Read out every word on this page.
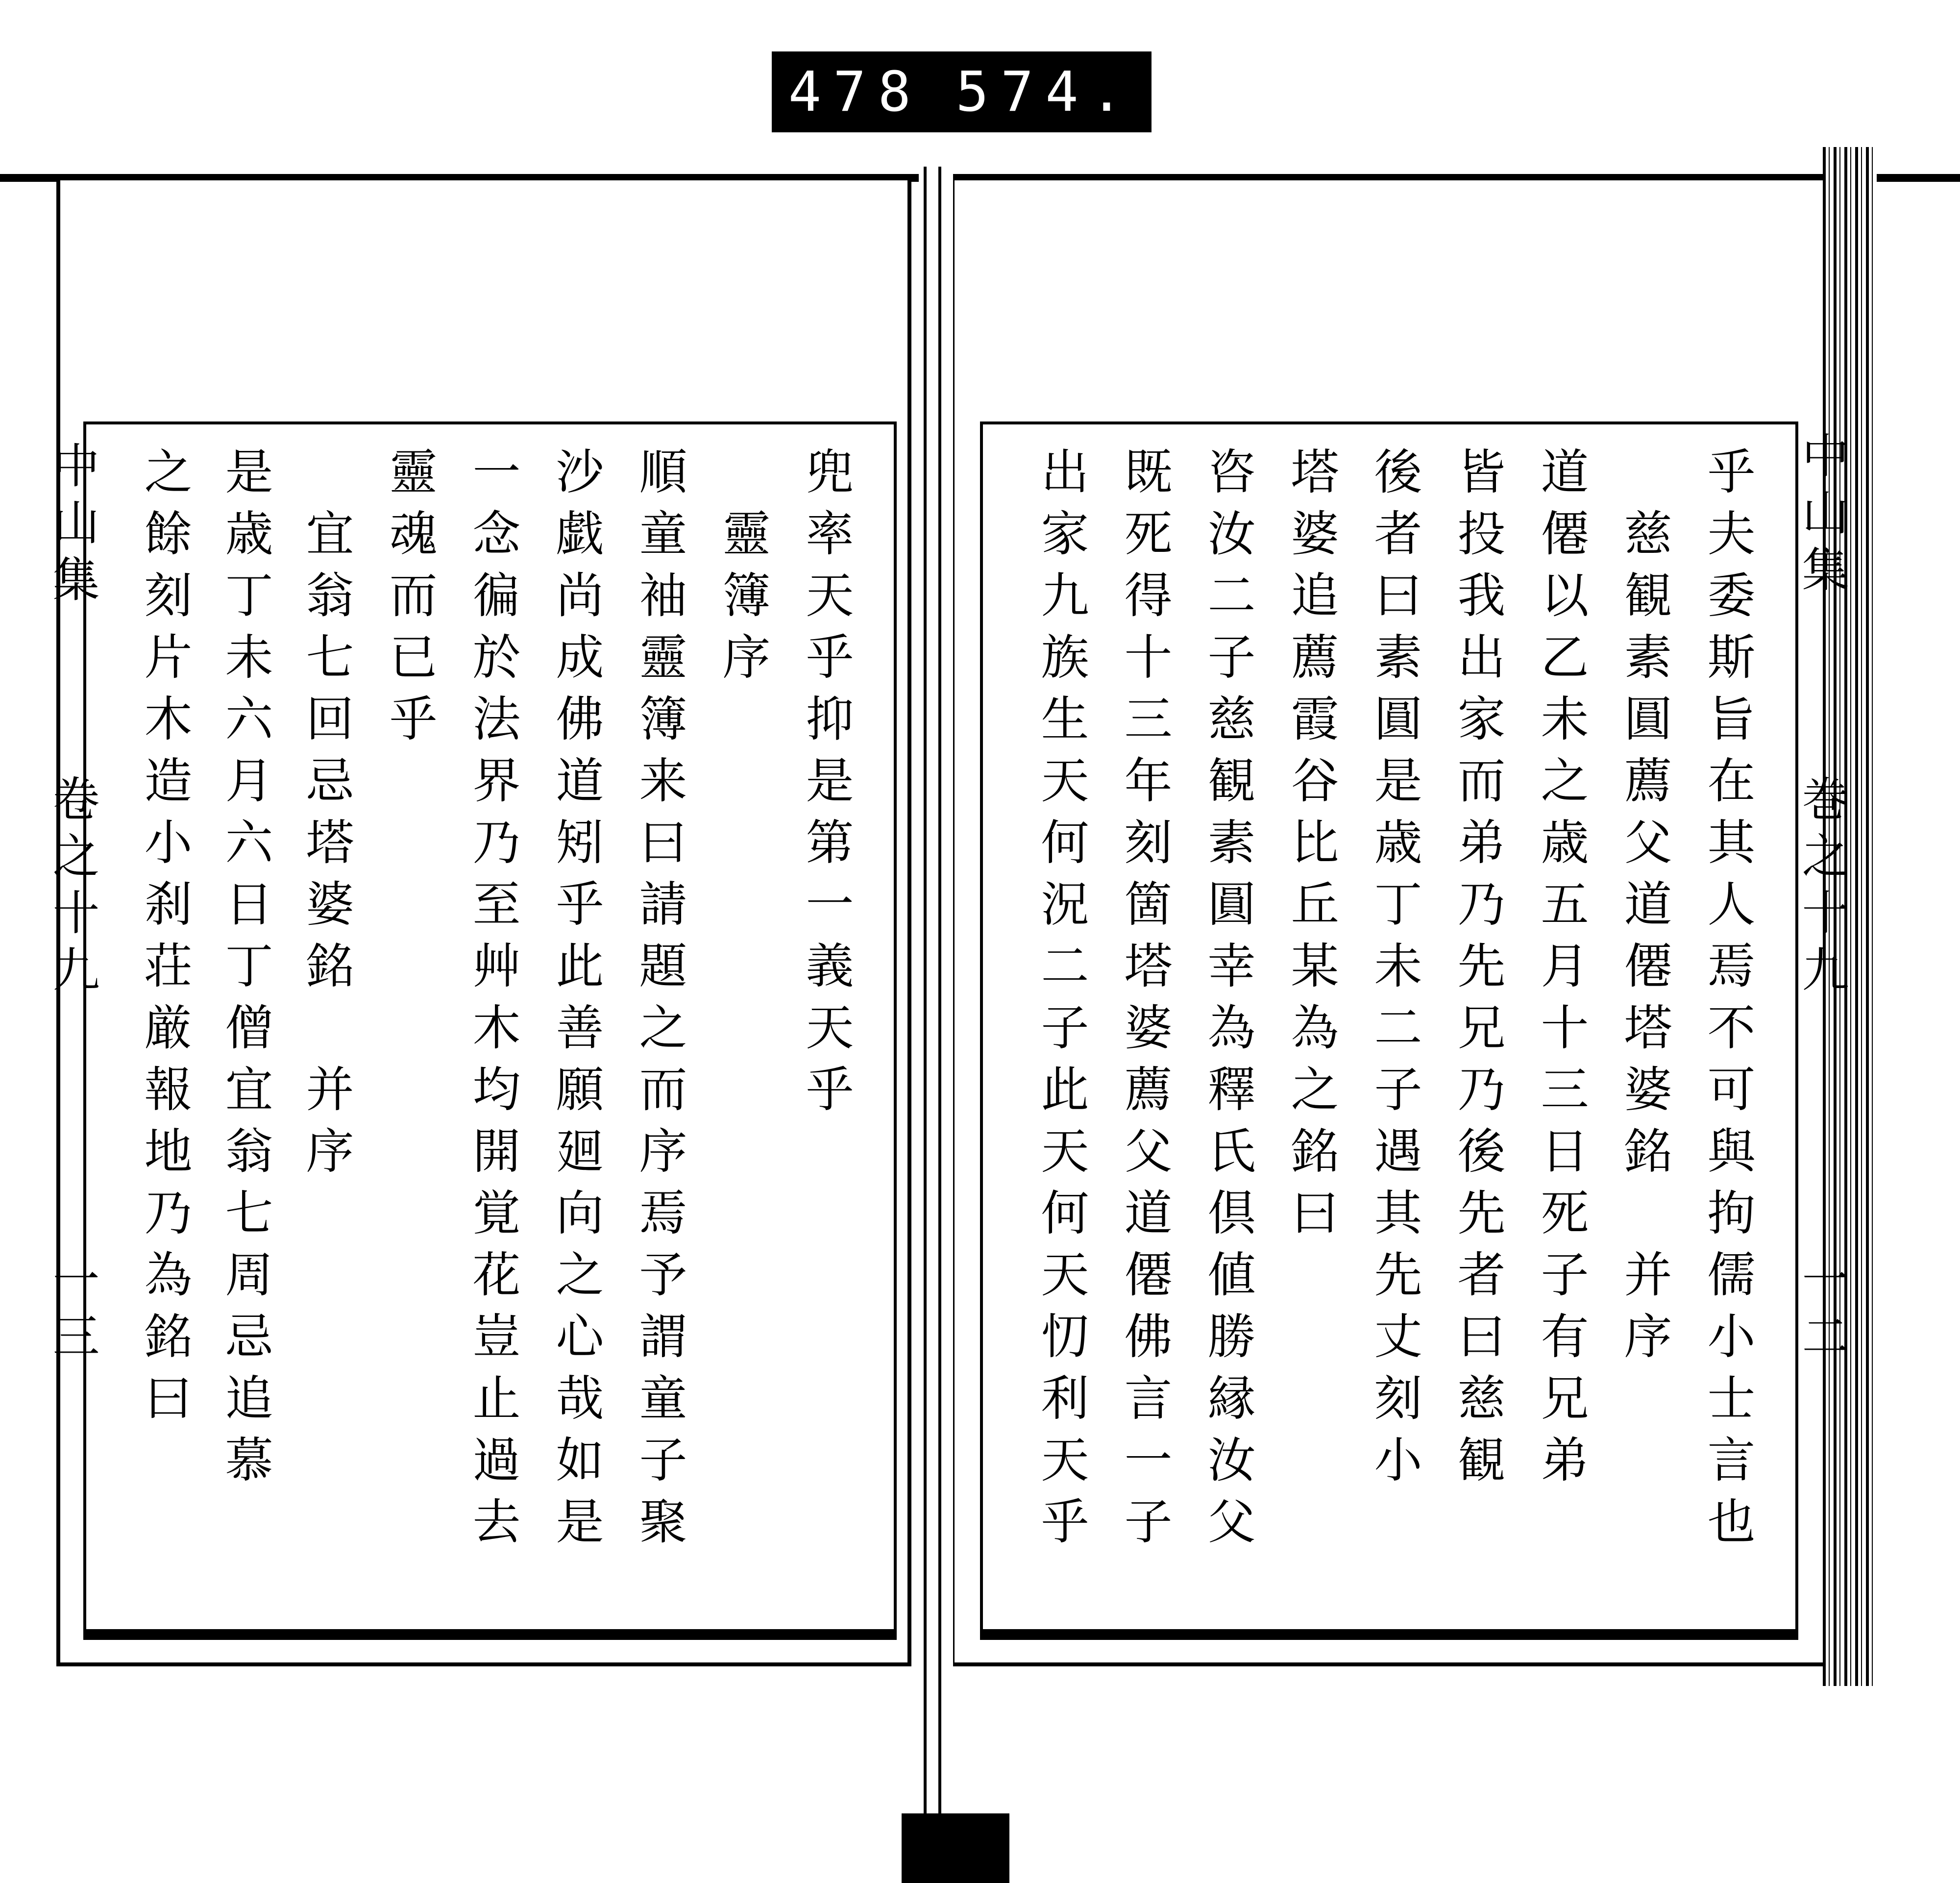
478 574.
中山集
卷之十九
一三
兜率天乎抑是第一義天乎
　靈簿序
順童袖靈簿来曰請題之而序焉予謂童子聚
沙戯尚成佛道矧乎此善願廻向之心哉如是
一念徧於法界乃至艸木均開覚花豈止過去
靈魂而已乎
　宜翁七回忌塔婆銘　并序
是歳丁未六月六日丁僧宜翁七周忌追慕
之餘刻片木造小刹荘厳報地乃為銘曰	乎夫委斯旨在其人焉不可與拘儒小士言也
　慈観素圓薦父道僊塔婆銘　并序
道僊以乙未之歳五月十三日死子有兄弟
皆投我出家而弟乃先兄乃後先者曰慈観
後者曰素圓是歳丁未二子遇其先丈刻小
塔婆追薦霞谷比丘某為之銘曰
咨汝二子慈観素圓幸為釋氏倶値勝縁汝父
既死得十三年刻箇塔婆薦父道僊佛言一子
出家九族生天何況二子此天何天忉利天乎	中山集
巻之十九
一二
